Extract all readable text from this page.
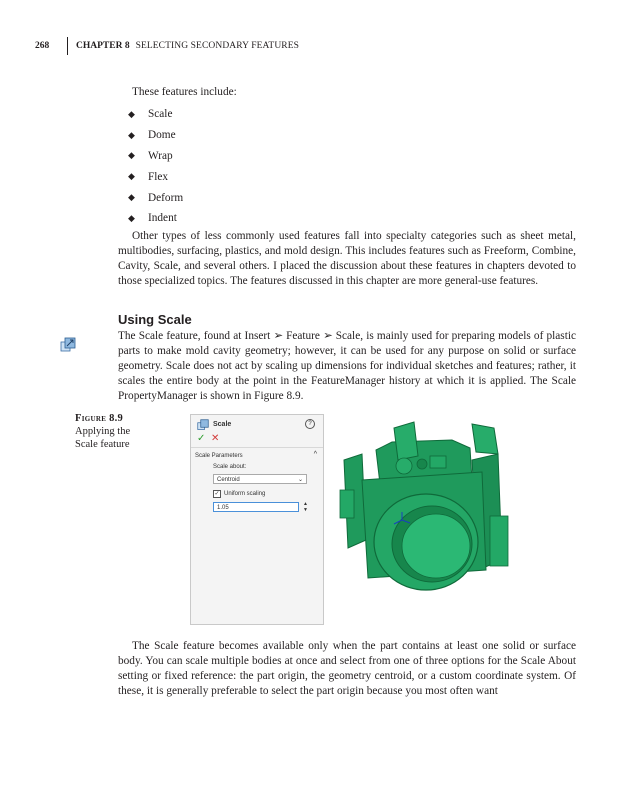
268	CHAPTER 8 SELECTING SECONDARY FEATURES
These features include:
◆	Scale
◆	Dome
◆	Wrap
◆	Flex
◆	Deform
◆	Indent

Other types of less commonly used features fall into specialty categories such as sheet metal, multibodies, surfacing, plastics, and mold design. This includes features such as Freeform, Combine, Cavity, Scale, and several others. I placed the discussion about these features in chapters devoted to those specialized topics. The features discussed in this chapter are more general-use features.

Using Scale

The Scale feature, found at Insert ➢ Feature ➢ Scale, is mainly used for preparing models of plastic parts to make mold cavity geometry; however, it can be used for any purpose on solid or surface geometry. Scale does not act by scaling up dimensions for individual sketches and features; rather, it scales the entire body at the point in the FeatureManager history at which it is applied. The Scale PropertyManager is shown in Figure 8.9.

Figure 8.9
Applying the
Scale feature
Scale	?
✓ ✕
Scale Parameters	^
Scale about:
Centroid	⌄
✓ Uniform scaling
1.05
▲
▼

The Scale feature becomes available only when the part contains at least one solid or surface body. You can scale multiple bodies at once and select from one of three options for the Scale About setting or fixed reference: the part origin, the geometry centroid, or a custom coordinate system. Of these, it is generally preferable to select the part origin because you most often want
